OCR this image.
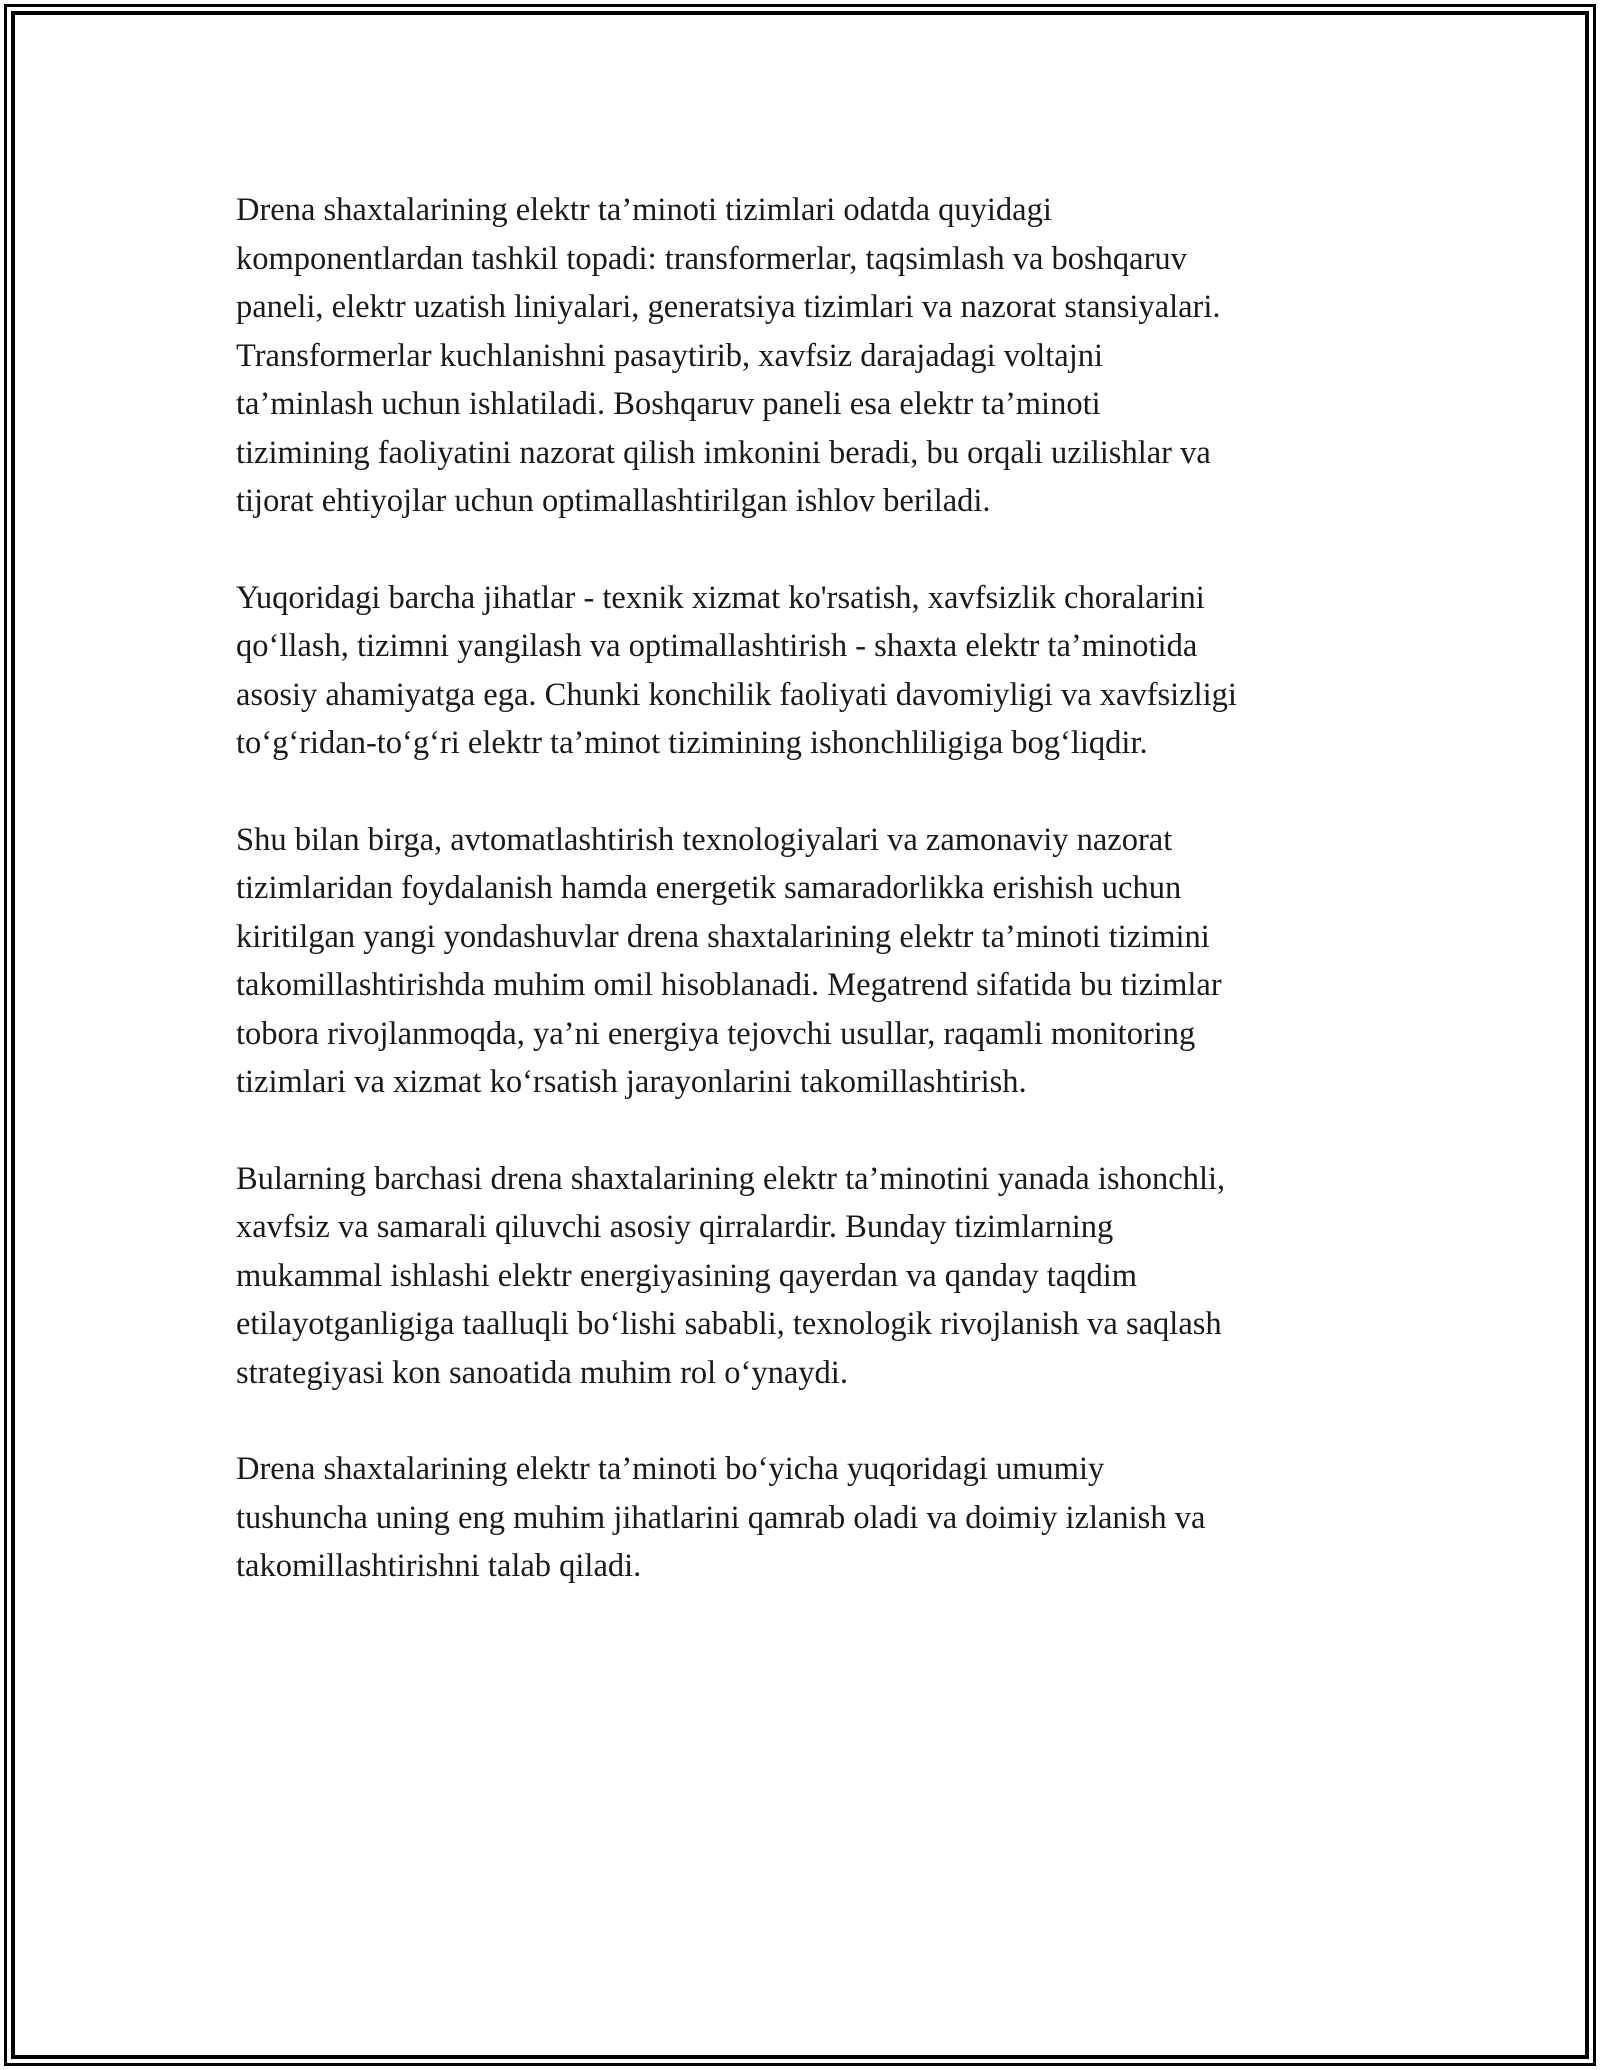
Drena shaxtalarining elektr ta’minoti tizimlari odatda quyidagi
komponentlardan tashkil topadi: transformerlar, taqsimlash va boshqaruv
paneli, elektr uzatish liniyalari, generatsiya tizimlari va nazorat stansiyalari.
Transformerlar kuchlanishni pasaytirib, xavfsiz darajadagi voltajni
ta’minlash uchun ishlatiladi. Boshqaruv paneli esa elektr ta’minoti
tizimining faoliyatini nazorat qilish imkonini beradi, bu orqali uzilishlar va
tijorat ehtiyojlar uchun optimallashtirilgan ishlov beriladi.

Yuqoridagi barcha jihatlar - texnik xizmat ko'rsatish, xavfsizlik choralarini
qo‘llash, tizimni yangilash va optimallashtirish - shaxta elektr ta’minotida
asosiy ahamiyatga ega. Chunki konchilik faoliyati davomiyligi va xavfsizligi
to‘g‘ridan-to‘g‘ri elektr ta’minot tizimining ishonchliligiga bog‘liqdir.

Shu bilan birga, avtomatlashtirish texnologiyalari va zamonaviy nazorat
tizimlaridan foydalanish hamda energetik samaradorlikka erishish uchun
kiritilgan yangi yondashuvlar drena shaxtalarining elektr ta’minoti tizimini
takomillashtirishda muhim omil hisoblanadi. Megatrend sifatida bu tizimlar
tobora rivojlanmoqda, ya’ni energiya tejovchi usullar, raqamli monitoring
tizimlari va xizmat ko‘rsatish jarayonlarini takomillashtirish.

Bularning barchasi drena shaxtalarining elektr ta’minotini yanada ishonchli,
xavfsiz va samarali qiluvchi asosiy qirralardir. Bunday tizimlarning
mukammal ishlashi elektr energiyasining qayerdan va qanday taqdim
etilayotganligiga taalluqli bo‘lishi sababli, texnologik rivojlanish va saqlash
strategiyasi kon sanoatida muhim rol o‘ynaydi.

Drena shaxtalarining elektr ta’minoti bo‘yicha yuqoridagi umumiy
tushuncha uning eng muhim jihatlarini qamrab oladi va doimiy izlanish va
takomillashtirishni talab qiladi.
